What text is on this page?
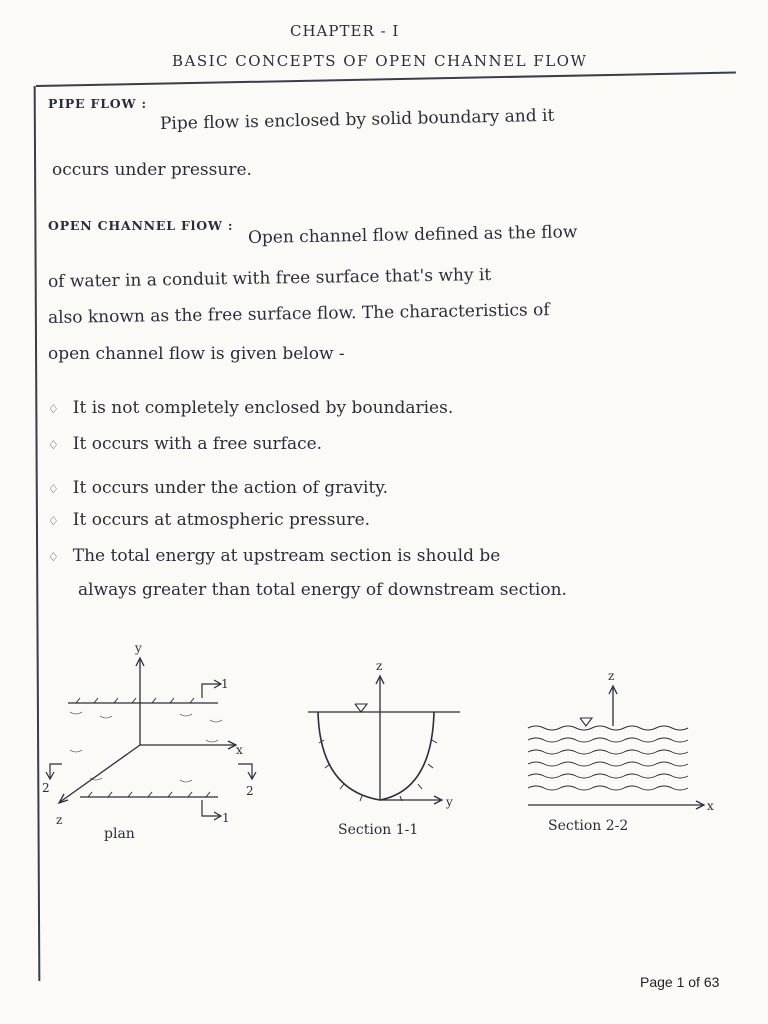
CHAPTER - I
BASIC CONCEPTS OF OPEN CHANNEL FLOW
PIPE FLOW :
Pipe flow is enclosed by solid boundary and it
occurs under pressure.
OPEN CHANNEL FlOW : Open channel flow defined as the flow
of water in a conduit with free surface that's why it
also known as the free surface flow. The characteristics of
open channel flow is given below -
♢ It is not completely enclosed by boundaries.
♢ It occurs with a free surface.
♢ It occurs under the action of gravity.
♢ It occurs at atmospheric pressure.
♢ The total energy at upstream section is should be
always greater than total energy of downstream section.
y
x
z
1
1
2	2
plan
z
y
Section 1-1
z
x
Section 2-2
Page 1 of 63
